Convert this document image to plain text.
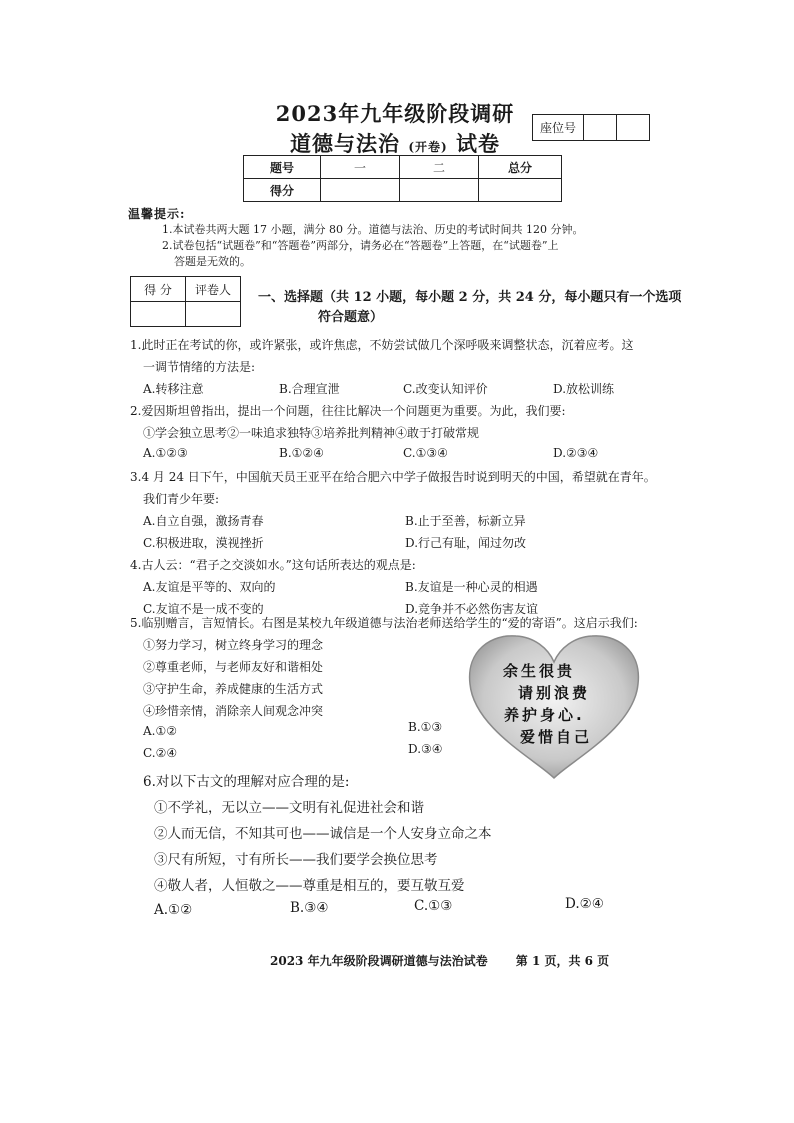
2023年九年级阶段调研
道德与法治 (开卷) 试卷
座位号
题号	一	二	总分
得分			
温馨提示:
1.本试卷共两大题 17 小题，满分 80 分。道德与法治、历史的考试时间共 120 分钟。
2.试卷包括“试题卷”和“答题卷”两部分，请务必在“答题卷”上答题，在“试题卷”上
答题是无效的。
得 分	评卷人

一、选择题（共 12 小题，每小题 2 分，共 24 分，每小题只有一个选项
符合题意）
1.此时正在考试的你，或许紧张，或许焦虑，不妨尝试做几个深呼吸来调整状态，沉着应考。这
一调节情绪的方法是:
A.转移注意	B.合理宣泄	C.改变认知评价	D.放松训练
2.爱因斯坦曾指出，提出一个问题，往往比解决一个问题更为重要。为此，我们要:
①学会独立思考②一味追求独特③培养批判精神④敢于打破常规
A.①②③	B.①②④	C.①③④	D.②③④
3.4 月 24 日下午，中国航天员王亚平在给合肥六中学子做报告时说到明天的中国，希望就在青年。
我们青少年要:
A.自立自强，激扬青春	B.止于至善，标新立异
C.积极进取，漠视挫折	D.行己有耻，闻过勿改
4.古人云：“君子之交淡如水。”这句话所表达的观点是:
A.友谊是平等的、双向的	B.友谊是一种心灵的相遇
C.友谊不是一成不变的	D.竞争并不必然伤害友谊
5.临别赠言，言短情长。右图是某校九年级道德与法治老师送给学生的“爱的寄语”。这启示我们:
①努力学习，树立终身学习的理念
②尊重老师，与老师友好和谐相处
③守护生命，养成健康的生活方式
④珍惜亲情，消除亲人间观念冲突
A.①②	B.①③
C.②④	D.③④
余生很贵
请别浪费
养护身心.
爱惜自己
6.对以下古文的理解对应合理的是:
①不学礼，无以立——文明有礼促进社会和谐
②人而无信，不知其可也——诚信是一个人安身立命之本
③尺有所短，寸有所长——我们要学会换位思考
④敬人者，人恒敬之——尊重是相互的，要互敬互爱
A.①②	B.③④	C.①③	D.②④
2023 年九年级阶段调研道德与法治试卷 第 1 页，共 6 页
